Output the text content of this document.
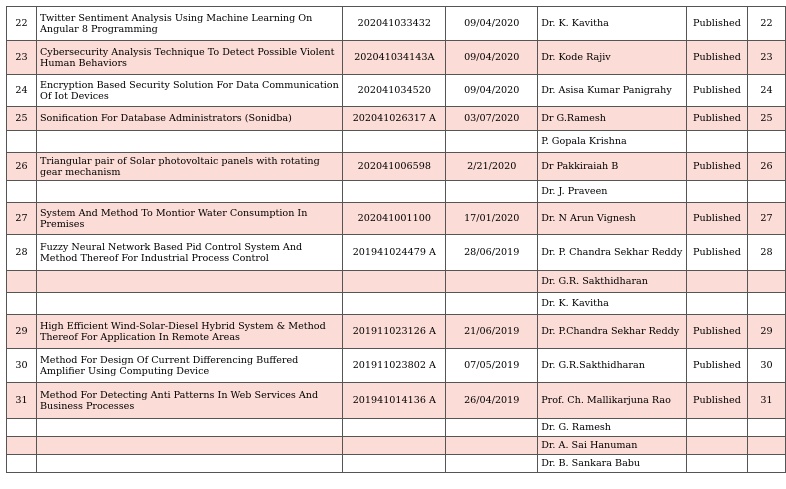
22	Twitter Sentiment Analysis Using Machine Learning On Angular 8 Programming	202041033432	09/04/2020	Dr. K. Kavitha	Published	22
23	Cybersecurity Analysis Technique To Detect Possible Violent Human Behaviors	202041034143A	09/04/2020	Dr. Kode Rajiv	Published	23
24	Encryption Based Security Solution For Data Communication Of Iot Devices	202041034520	09/04/2020	Dr. Asisa Kumar Panigrahy	Published	24
25	Sonification For Database Administrators (Sonidba)	202041026317 A	03/07/2020	Dr G.Ramesh	Published	25
				P. Gopala Krishna		
26	Triangular pair of Solar photovoltaic panels with rotating gear mechanism	202041006598	2/21/2020	Dr Pakkiraiah B	Published	26
				Dr. J. Praveen		
27	System And Method To Montior Water Consumption In Premises	202041001100	17/01/2020	Dr. N Arun Vignesh	Published	27
28	Fuzzy Neural Network Based Pid Control System And Method Thereof For Industrial Process Control	201941024479 A	28/06/2019	Dr. P. Chandra Sekhar Reddy	Published	28
				Dr. G.R. Sakthidharan		
				Dr. K. Kavitha		
29	High Efficient Wind-Solar-Diesel Hybrid System & Method Thereof For Application In Remote Areas	201911023126 A	21/06/2019	Dr. P.Chandra Sekhar Reddy	Published	29
30	Method For Design Of Current Differencing Buffered Amplifier Using Computing Device	201911023802 A	07/05/2019	Dr. G.R.Sakthidharan	Published	30
31	Method For Detecting Anti Patterns In Web Services And Business Processes	201941014136 A	26/04/2019	Prof. Ch. Mallikarjuna Rao	Published	31
				Dr. G. Ramesh		
				Dr. A. Sai Hanuman		
				Dr. B. Sankara Babu		
